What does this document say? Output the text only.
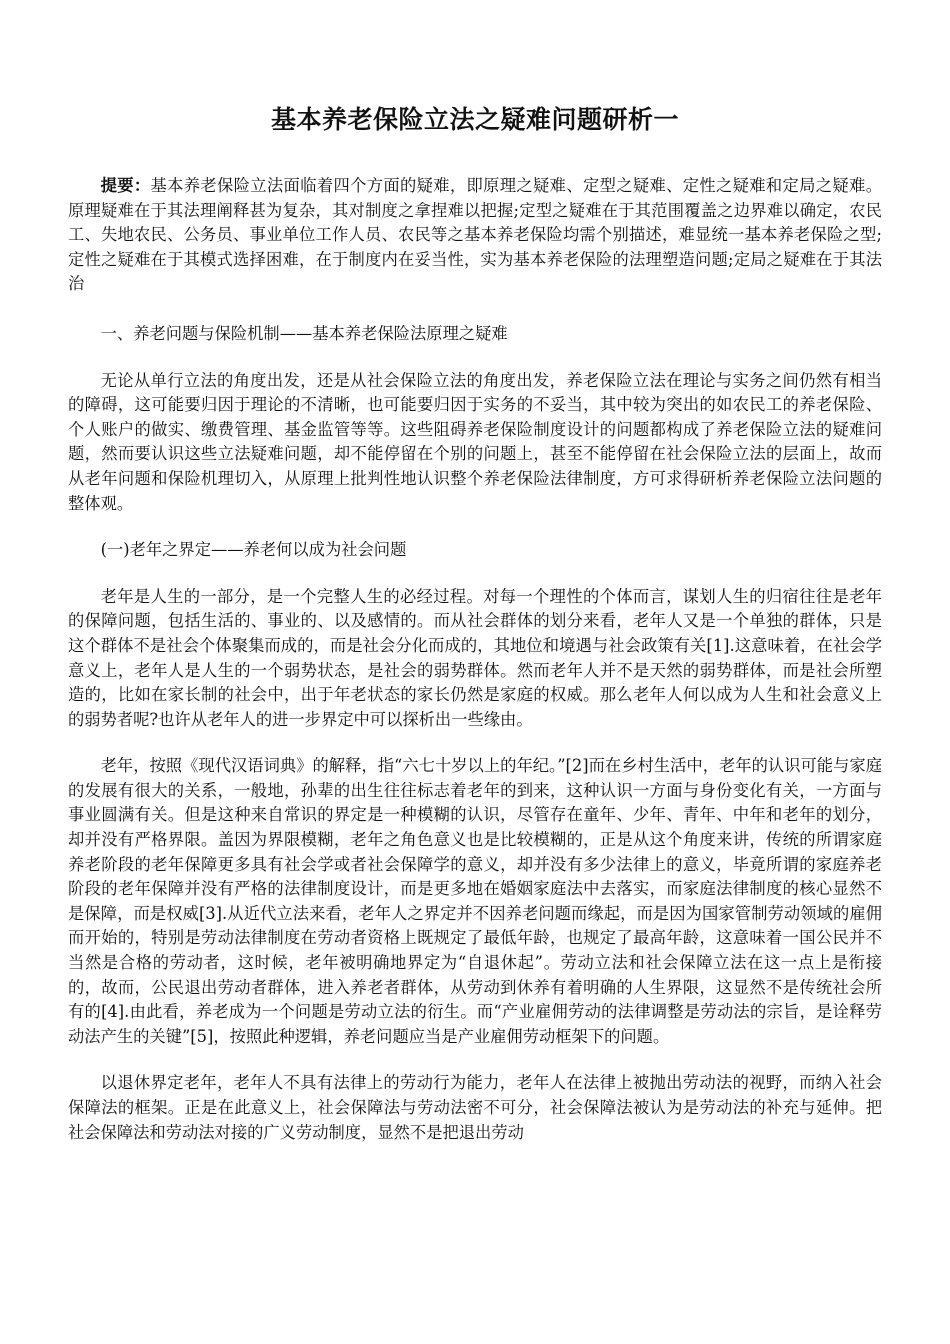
基本养老保险立法之疑难问题研析一

提要：基本养老保险立法面临着四个方面的疑难，即原理之疑难、定型之疑难、定性之疑难和定局之疑难。原理疑难在于其法理阐释甚为复杂，其对制度之拿捏难以把握;定型之疑难在于其范围覆盖之边界难以确定，农民工、失地农民、公务员、事业单位工作人员、农民等之基本养老保险均需个别描述，难显统一基本养老保险之型;定性之疑难在于其模式选择困难，在于制度内在妥当性，实为基本养老保险的法理塑造问题;定局之疑难在于其法治

一、养老问题与保险机制——基本养老保险法原理之疑难

无论从单行立法的角度出发，还是从社会保险立法的角度出发，养老保险立法在理论与实务之间仍然有相当的障碍，这可能要归因于理论的不清晰，也可能要归因于实务的不妥当，其中较为突出的如农民工的养老保险、个人账户的做实、缴费管理、基金监管等等。这些阻碍养老保险制度设计的问题都构成了养老保险立法的疑难问题，然而要认识这些立法疑难问题，却不能停留在个别的问题上，甚至不能停留在社会保险立法的层面上，故而从老年问题和保险机理切入，从原理上批判性地认识整个养老保险法律制度，方可求得研析养老保险立法问题的整体观。

(一)老年之界定——养老何以成为社会问题

老年是人生的一部分，是一个完整人生的必经过程。对每一个理性的个体而言，谋划人生的归宿往往是老年的保障问题，包括生活的、事业的、以及感情的。而从社会群体的划分来看，老年人又是一个单独的群体，只是这个群体不是社会个体聚集而成的，而是社会分化而成的，其地位和境遇与社会政策有关[1].这意味着，在社会学意义上，老年人是人生的一个弱势状态，是社会的弱势群体。然而老年人并不是天然的弱势群体，而是社会所塑造的，比如在家长制的社会中，出于年老状态的家长仍然是家庭的权威。那么老年人何以成为人生和社会意义上的弱势者呢?也许从老年人的进一步界定中可以探析出一些缘由。

老年，按照《现代汉语词典》的解释，指“六七十岁以上的年纪。”[2]而在乡村生活中，老年的认识可能与家庭的发展有很大的关系，一般地，孙辈的出生往往标志着老年的到来，这种认识一方面与身份变化有关，一方面与事业圆满有关。但是这种来自常识的界定是一种模糊的认识，尽管存在童年、少年、青年、中年和老年的划分，却并没有严格界限。盖因为界限模糊，老年之角色意义也是比较模糊的，正是从这个角度来讲，传统的所谓家庭养老阶段的老年保障更多具有社会学或者社会保障学的意义，却并没有多少法律上的意义，毕竟所谓的家庭养老阶段的老年保障并没有严格的法律制度设计，而是更多地在婚姻家庭法中去落实，而家庭法律制度的核心显然不是保障，而是权威[3].从近代立法来看，老年人之界定并不因养老问题而缘起，而是因为国家管制劳动领域的雇佣而开始的，特别是劳动法律制度在劳动者资格上既规定了最低年龄，也规定了最高年龄，这意味着一国公民并不当然是合格的劳动者，这时候，老年被明确地界定为“自退休起”。劳动立法和社会保障立法在这一点上是衔接的，故而，公民退出劳动者群体，进入养老者群体，从劳动到休养有着明确的人生界限，这显然不是传统社会所有的[4].由此看，养老成为一个问题是劳动立法的衍生。而“产业雇佣劳动的法律调整是劳动法的宗旨，是诠释劳动法产生的关键”[5]，按照此种逻辑，养老问题应当是产业雇佣劳动框架下的问题。

以退休界定老年，老年人不具有法律上的劳动行为能力，老年人在法律上被抛出劳动法的视野，而纳入社会保障法的框架。正是在此意义上，社会保障法与劳动法密不可分，社会保障法被认为是劳动法的补充与延伸。把社会保障法和劳动法对接的广义劳动制度，显然不是把退出劳动
